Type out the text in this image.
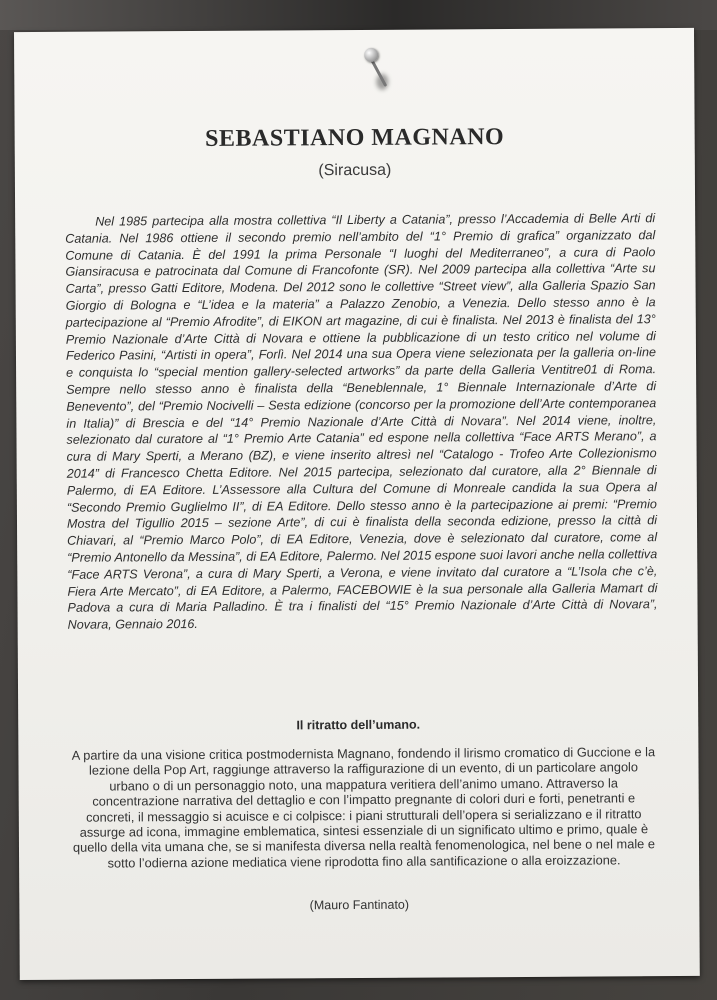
SEBASTIANO MAGNANO

(Siracusa)

Nel 1985 partecipa alla mostra collettiva “Il Liberty a Catania”, presso l’Accademia di Belle Arti di Catania. Nel 1986 ottiene il secondo premio nell’ambito del “1° Premio di grafica” organizzato dal Comune di Catania. È del 1991 la prima Personale “I luoghi del Mediterraneo”, a cura di Paolo Giansiracusa e patrocinata dal Comune di Francofonte (SR). Nel 2009 partecipa alla collettiva “Arte su Carta”, presso Gatti Editore, Modena. Del 2012 sono le collettive “Street view”, alla Galleria Spazio San Giorgio di Bologna e “L’idea e la materia” a Palazzo Zenobio, a Venezia. Dello stesso anno è la partecipazione al “Premio Afrodite”, di EIKON art magazine, di cui è finalista. Nel 2013 è finalista del 13° Premio Nazionale d’Arte Città di Novara e ottiene la pubblicazione di un testo critico nel volume di Federico Pasini, “Artisti in opera”, Forlì. Nel 2014 una sua Opera viene selezionata per la galleria on-line e conquista lo “special mention gallery-selected artworks” da parte della Galleria Ventitre01 di Roma. Sempre nello stesso anno è finalista della “Beneblennale, 1° Biennale Internazionale d’Arte di Benevento”, del “Premio Nocivelli – Sesta edizione (concorso per la promozione dell’Arte contemporanea in Italia)” di Brescia e del “14° Premio Nazionale d’Arte Città di Novara”. Nel 2014 viene, inoltre, selezionato dal curatore al “1° Premio Arte Catania” ed espone nella collettiva “Face ARTS Merano”, a cura di Mary Sperti, a Merano (BZ), e viene inserito altresì nel “Catalogo - Trofeo Arte Collezionismo 2014” di Francesco Chetta Editore. Nel 2015 partecipa, selezionato dal curatore, alla 2° Biennale di Palermo, di EA Editore. L’Assessore alla Cultura del Comune di Monreale candida la sua Opera al “Secondo Premio Guglielmo II”, di EA Editore. Dello stesso anno è la partecipazione ai premi: “Premio Mostra del Tigullio 2015 – sezione Arte”, di cui è finalista della seconda edizione, presso la città di Chiavari, al “Premio Marco Polo”, di EA Editore, Venezia, dove è selezionato dal curatore, come al “Premio Antonello da Messina”, di EA Editore, Palermo. Nel 2015 espone suoi lavori anche nella collettiva “Face ARTS Verona”, a cura di Mary Sperti, a Verona, e viene invitato dal curatore a “L’Isola che c’è, Fiera Arte Mercato”, di EA Editore, a Palermo, FACEBOWIE è la sua personale alla Galleria Mamart di Padova a cura di Maria Palladino. È tra i finalisti del “15° Premio Nazionale d’Arte Città di Novara”, Novara, Gennaio 2016.

Il ritratto dell’umano.

A partire da una visione critica postmodernista Magnano, fondendo il lirismo cromatico di Guccione e la lezione della Pop Art, raggiunge attraverso la raffigurazione di un evento, di un particolare angolo urbano o di un personaggio noto, una mappatura veritiera dell’animo umano. Attraverso la concentrazione narrativa del dettaglio e con l’impatto pregnante di colori duri e forti, penetranti e concreti, il messaggio si acuisce e ci colpisce: i piani strutturali dell’opera si serializzano e il ritratto assurge ad icona, immagine emblematica, sintesi essenziale di un significato ultimo e primo, quale è quello della vita umana che, se si manifesta diversa nella realtà fenomenologica, nel bene o nel male e sotto l’odierna azione mediatica viene riprodotta fino alla santificazione o alla eroizzazione.

(Mauro Fantinato)
